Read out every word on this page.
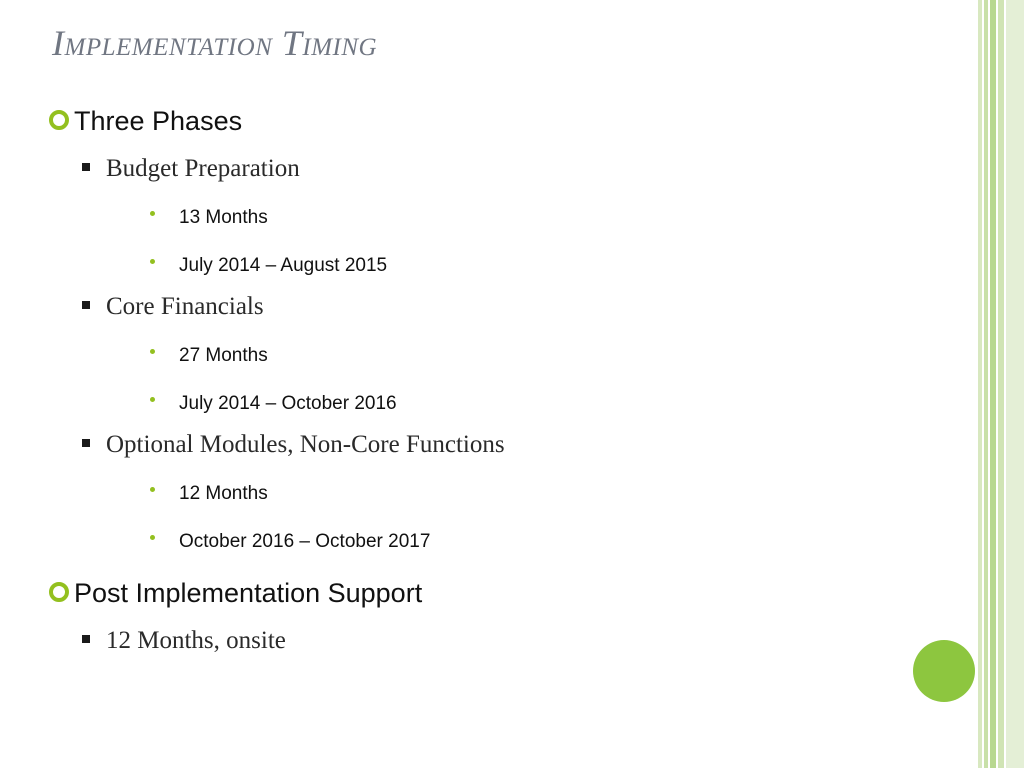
Implementation Timing
Three Phases
Budget Preparation
13 Months
July 2014 – August 2015
Core Financials
27 Months
July 2014 – October 2016
Optional Modules, Non-Core Functions
12 Months
October 2016 – October 2017
Post Implementation Support
12 Months, onsite
